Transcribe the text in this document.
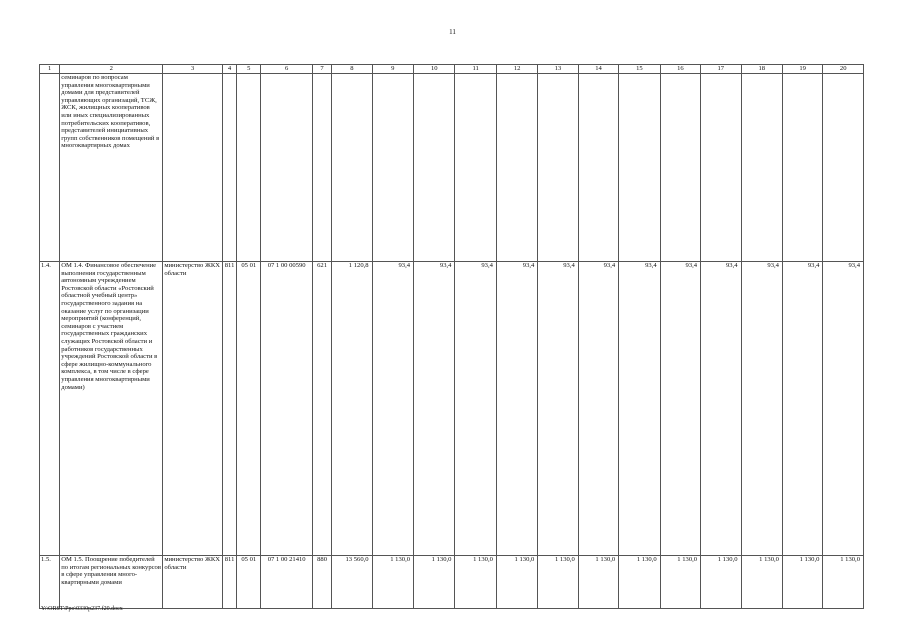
11
1	2	3	4	5	6	7	8	9	10	11	12	13	14	15	16	17	18	19	20
	семинаров по вопросам управления многоквартирными домами для представителей управляющих организаций, ТСЖ, ЖСК, жилищных кооперативов или иных специализированных потребительских кооперативов, представителей инициативных групп собственников помещений в многоквартирных домах																		
1.4.	ОМ 1.4. Финансовое обеспечение выполнения государственным автономным учреждением Ростовской области «Ростовский областной учебный центр» государственного задания на оказание услуг по организации мероприятий (конференций, семинаров с участием государственных гражданских служащих Ростовской области и работников государственных учреждений Ростовской области в сфере жилищно-коммунального комплекса, в том числе в сфере управления многоквартирными домами)	министерство ЖКХ области	811	05 01	07 1 00 00590	621	1 120,8	93,4	93,4	93,4	93,4	93,4	93,4	93,4	93,4	93,4	93,4	93,4	93,4
1.5.	ОМ 1.5. Поощрение победителей по итогам региональных конкурсов в сфере управления много-квартирными домами	министерство ЖКХ области	811	05 01	07 1 00 21410	880	13 560,0	1 130,0	1 130,0	1 130,0	1 130,0	1 130,0	1 130,0	1 130,0	1 130,0	1 130,0	1 130,0	1 130,0	1 130,0
Y:\ORST\Ppo\0330p237.f20.docx
